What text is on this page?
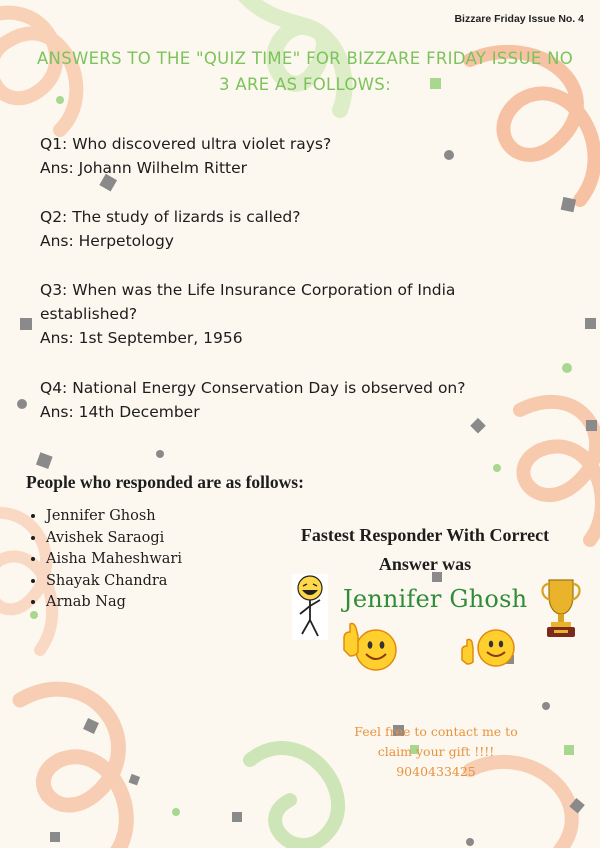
Bizzare Friday Issue No. 4
ANSWERS TO THE "QUIZ TIME" FOR BIZZARE FRIDAY ISSUE NO 3 ARE AS FOLLOWS:
Q1: Who discovered ultra violet rays?
Ans: Johann Wilhelm Ritter
Q2: The study of lizards is called?
Ans: Herpetology
Q3: When was the Life Insurance Corporation of India established?
Ans: 1st September, 1956
Q4: National Energy Conservation Day is observed on?
Ans: 14th December
People who responded are as follows:
• Jennifer Ghosh
• Avishek Saraogi
• Aisha Maheshwari
• Shayak Chandra
• Arnab Nag
Fastest Responder With Correct Answer was
Jennifer Ghosh
Feel free to contact me to
claim your gift !!!!
9040433425
